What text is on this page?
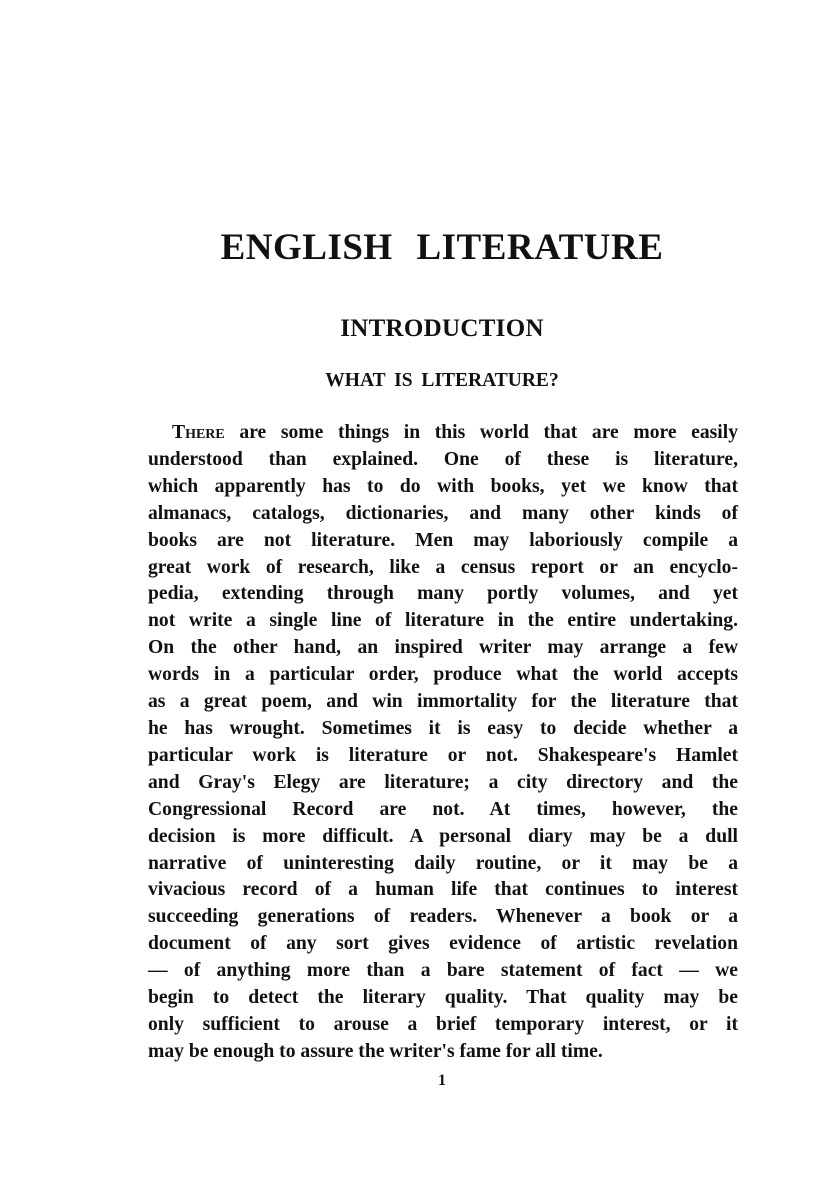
ENGLISH LITERATURE
INTRODUCTION
WHAT IS LITERATURE?

There are some things in this world that are more easily
understood than explained. One of these is literature,
which apparently has to do with books, yet we know that
almanacs, catalogs, dictionaries, and many other kinds of
books are not literature. Men may laboriously compile a
great work of research, like a census report or an encyclo-
pedia, extending through many portly volumes, and yet
not write a single line of literature in the entire undertaking.
On the other hand, an inspired writer may arrange a few
words in a particular order, produce what the world accepts
as a great poem, and win immortality for the literature that
he has wrought. Sometimes it is easy to decide whether a
particular work is literature or not. Shakespeare's Hamlet
and Gray's Elegy are literature; a city directory and the
Congressional Record are not. At times, however, the
decision is more difficult. A personal diary may be a dull
narrative of uninteresting daily routine, or it may be a
vivacious record of a human life that continues to interest
succeeding generations of readers. Whenever a book or a
document of any sort gives evidence of artistic revelation
— of anything more than a bare statement of fact — we
begin to detect the literary quality. That quality may be
only sufficient to arouse a brief temporary interest, or it
may be enough to assure the writer's fame for all time.

1
